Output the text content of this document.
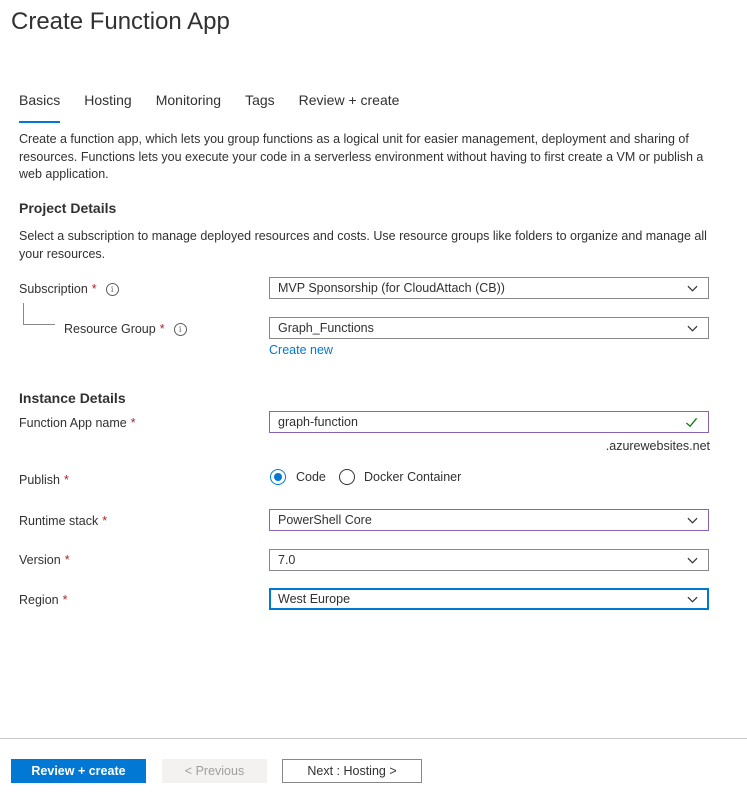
Create Function App
Basics Hosting Monitoring Tags Review + create
Create a function app, which lets you group functions as a logical unit for easier management, deployment and sharing of resources. Functions lets you execute your code in a serverless environment without having to first create a VM or publish a web application.
Project Details
Select a subscription to manage deployed resources and costs. Use resource groups like folders to organize and manage all your resources.
Subscription * i	MVP Sponsorship (for CloudAttach (CB))
Resource Group * i	Graph_Functions
Create new
Instance Details
Function App name *	graph-function
.azurewebsites.net
Publish *	Code	Docker Container
Runtime stack *	PowerShell Core
Version *	7.0
Region *	West Europe
Review + create	< Previous	Next : Hosting >
